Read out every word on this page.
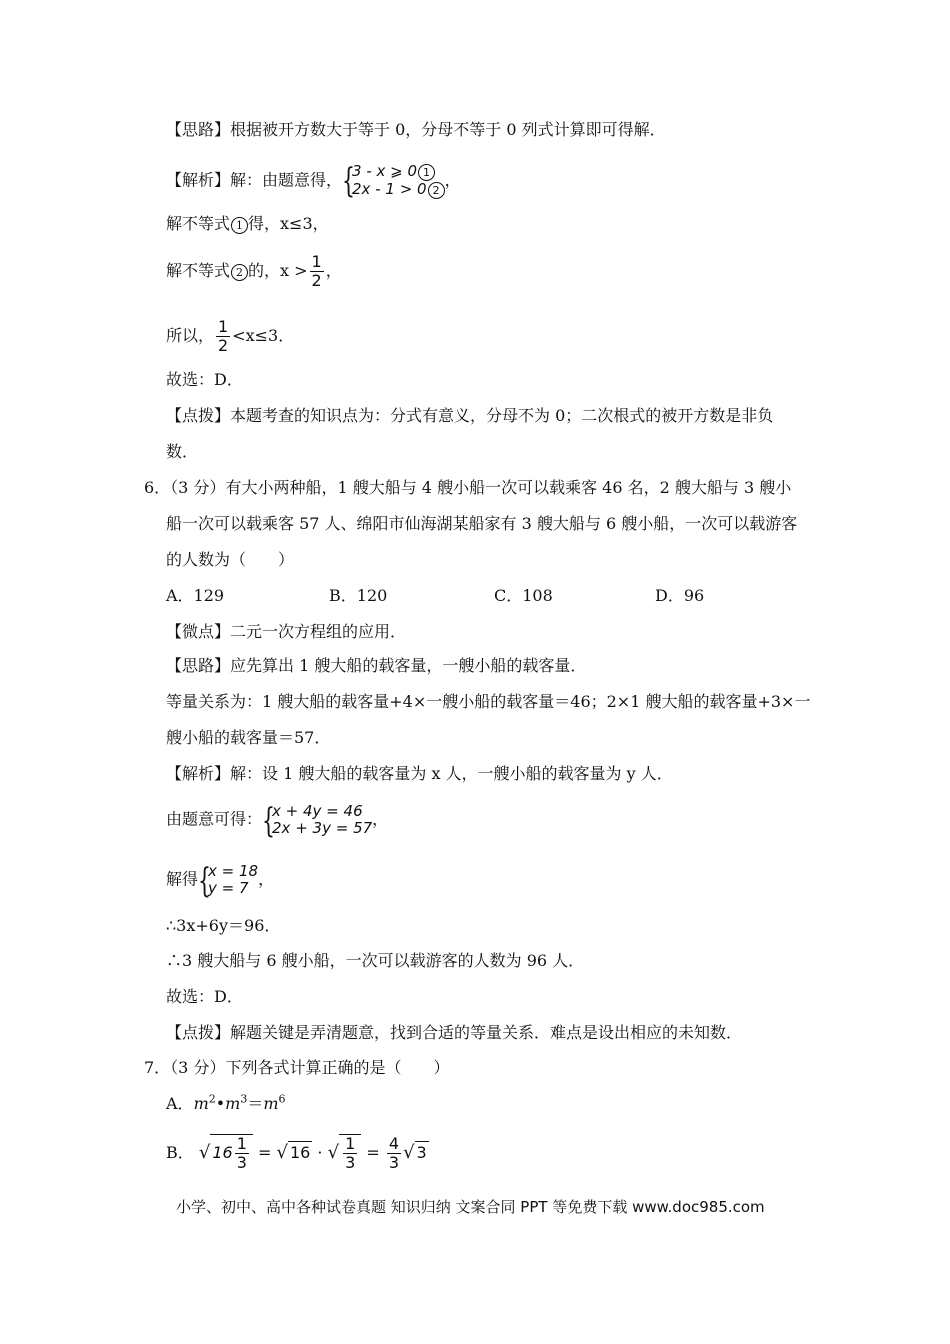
【思路】根据被开方数大于等于 0，分母不等于 0 列式计算即可得解．
【解析】解：由题意得， {
3 - x ⩾ 0 1
2x - 1 > 0 2
，
解不等式 1 得，x≤3，
解不等式 2 的，$x > \frac{1}{2}$ ，
所以， $\frac{1}{2} <x\le 3$．
故选：D．
【点拨】本题考查的知识点为：分式有意义，分母不为 0；二次根式的被开方数是非负
数．
6．（3 分）有大小两种船，1 艘大船与 4 艘小船一次可以载乘客 46 名，2 艘大船与 3 艘小
船一次可以载乘客 57 人、绵阳市仙海湖某船家有 3 艘大船与 6 艘小船，一次可以载游客
的人数为（　　）
A．129	B．120	C．108	D．96
【微点】二元一次方程组的应用．
【思路】应先算出 1 艘大船的载客量，一艘小船的载客量．
等量关系为：1 艘大船的载客量+4×一艘小船的载客量＝46；2×1 艘大船的载客量+3×一
艘小船的载客量＝57．
【解析】解：设 1 艘大船的载客量为 x 人，一艘小船的载客量为 y 人．
由题意可得： {
x + 4y = 46
2x + 3y = 57 ，
解得 {
x = 18
y = 7 ，
∴3x+6y＝96．
∴3 艘大船与 6 艘小船，一次可以载游客的人数为 96 人．
故选：D．
【点拨】解题关键是弄清题意，找到合适的等量关系．难点是设出相应的未知数．
7．（3 分）下列各式计算正确的是（　　）
A．$m^2•m^3=m^6$
B． √ $16 \frac{1}{3}$ = √ 16 · √ $\frac{1}{3} = \frac{4}{3}$ √ 3
小学、初中、高中各种试卷真题 知识归纳 文案合同 PPT 等免费下载 www.doc985.com
